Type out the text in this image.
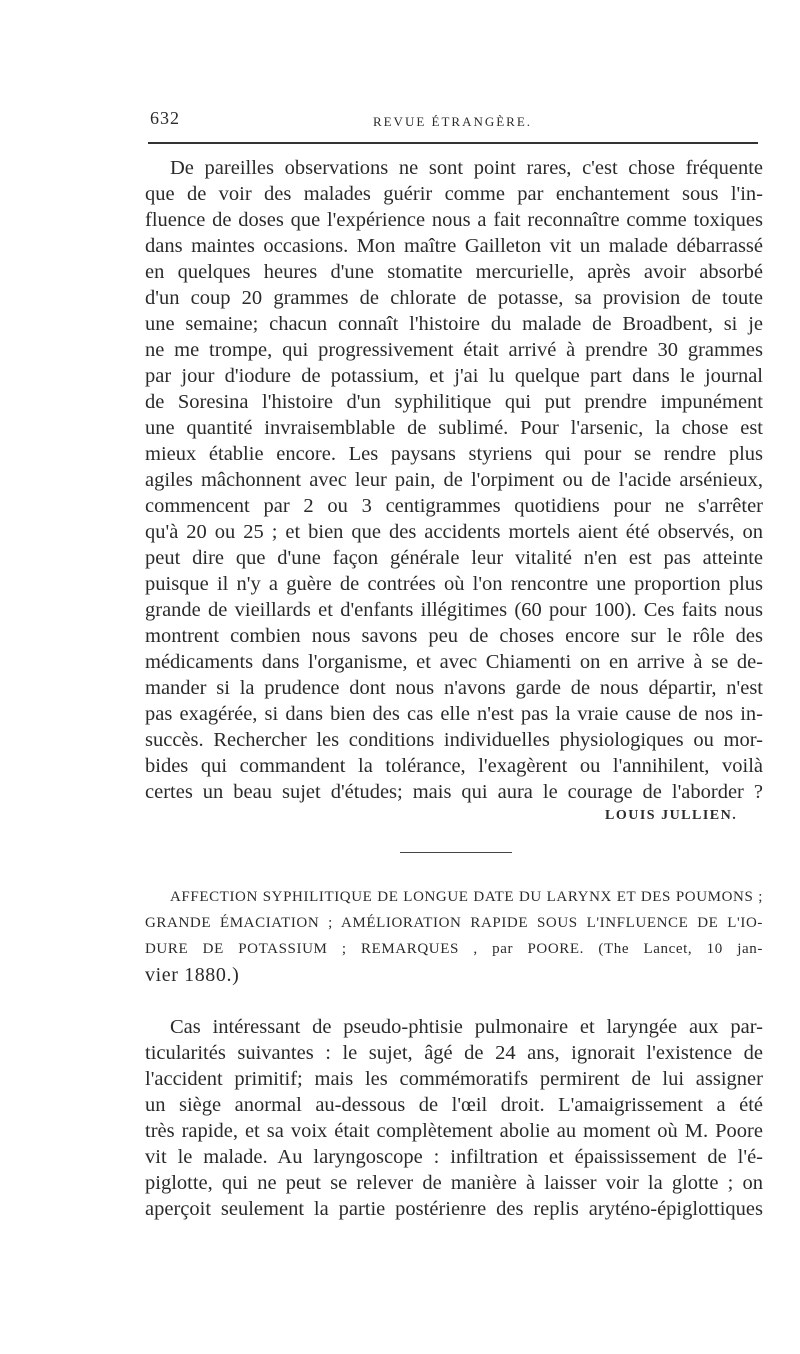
632	REVUE ÉTRANGÈRE.
De pareilles observations ne sont point rares, c'est chose fréquente
que de voir des malades guérir comme par enchantement sous l'in-
fluence de doses que l'expérience nous a fait reconnaître comme toxiques
dans maintes occasions. Mon maître Gailleton vit un malade débarrassé
en quelques heures d'une stomatite mercurielle, après avoir absorbé
d'un coup 20 grammes de chlorate de potasse, sa provision de toute
une semaine; chacun connaît l'histoire du malade de Broadbent, si je
ne me trompe, qui progressivement était arrivé à prendre 30 grammes
par jour d'iodure de potassium, et j'ai lu quelque part dans le journal
de Soresina l'histoire d'un syphilitique qui put prendre impunément
une quantité invraisemblable de sublimé. Pour l'arsenic, la chose est
mieux établie encore. Les paysans styriens qui pour se rendre plus
agiles mâchonnent avec leur pain, de l'orpiment ou de l'acide arsénieux,
commencent par 2 ou 3 centigrammes quotidiens pour ne s'arrêter
qu'à 20 ou 25 ; et bien que des accidents mortels aient été observés, on
peut dire que d'une façon générale leur vitalité n'en est pas atteinte
puisque il n'y a guère de contrées où l'on rencontre une proportion plus
grande de vieillards et d'enfants illégitimes (60 pour 100). Ces faits nous
montrent combien nous savons peu de choses encore sur le rôle des
médicaments dans l'organisme, et avec Chiamenti on en arrive à se de-
mander si la prudence dont nous n'avons garde de nous départir, n'est
pas exagérée, si dans bien des cas elle n'est pas la vraie cause de nos in-
succès. Rechercher les conditions individuelles physiologiques ou mor-
bides qui commandent la tolérance, l'exagèrent ou l'annihilent, voilà
certes un beau sujet d'études; mais qui aura le courage de l'aborder ?
LOUIS JULLIEN.
AFFECTION SYPHILITIQUE DE LONGUE DATE DU LARYNX ET DES POUMONS ;
GRANDE ÉMACIATION ; AMÉLIORATION RAPIDE SOUS L'INFLUENCE DE L'IO-
DURE DE POTASSIUM ; REMARQUES , par POORE. (The Lancet, 10 jan-
vier 1880.)
Cas intéressant de pseudo-phtisie pulmonaire et laryngée aux par-
ticularités suivantes : le sujet, âgé de 24 ans, ignorait l'existence de
l'accident primitif; mais les commémoratifs permirent de lui assigner
un siège anormal au-dessous de l'œil droit. L'amaigrissement a été
très rapide, et sa voix était complètement abolie au moment où M. Poore
vit le malade. Au laryngoscope : infiltration et épaississement de l'é-
piglotte, qui ne peut se relever de manière à laisser voir la glotte ; on
aperçoit seulement la partie postérienre des replis aryténo-épiglottiques
